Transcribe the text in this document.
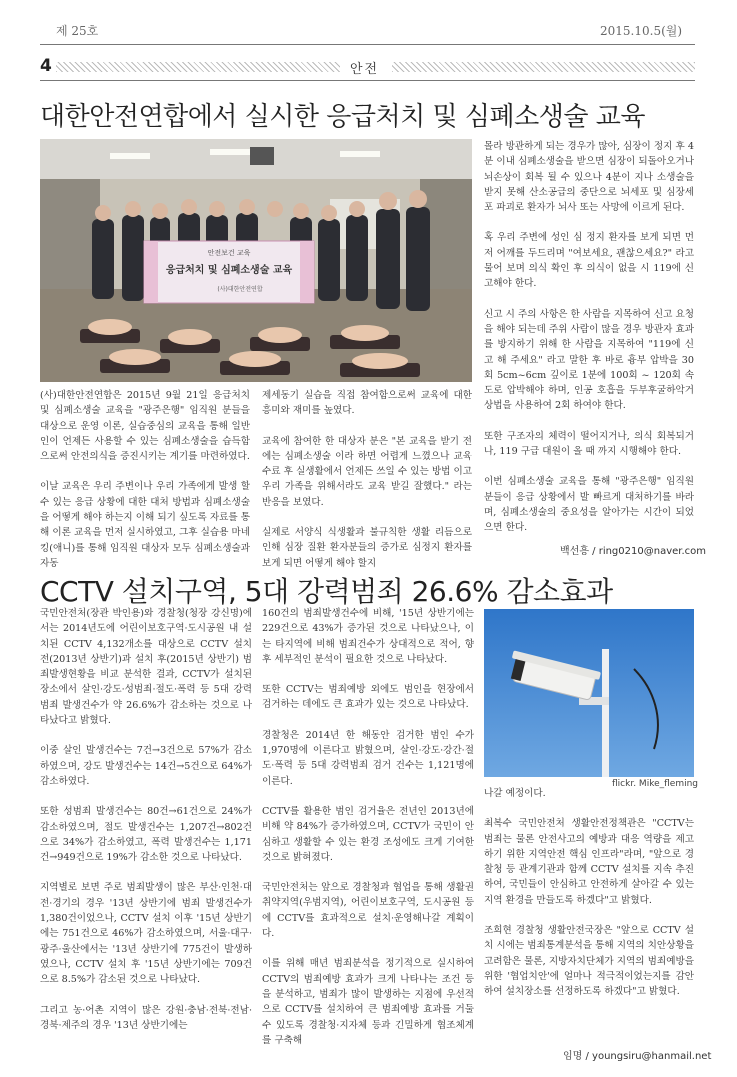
제 25호	2015.10.5(월)
4	안전
대한안전연합에서 실시한 응급처치 및 심폐소생술 교육
안전보건 교육
응급처치 및 심폐소생술 교육
(사)대한안전연합

(사)대한안전연합은 2015년 9월 21일 응급처치 및 심폐소생술 교육을 "광주은행" 임직원 분들을 대상으로 운영 이론, 실습중심의 교육을 통해 일반인이 언제든 사용할 수 있는 심폐소생술을 습득함으로써 안전의식을 증진시키는 계기를 마련하였다.

이날 교육은 우리 주변이나 우리 가족에게 발생 할 수 있는 응급 상황에 대한 대처 방법과 심폐소생술을 어떻게 해야 하는지 이해 되기 싶도록 자료를 통해 이론 교육을 먼저 실시하였고, 그후 실습용 마네킹(애니)를 통해 임직원 대상자 모두 심폐소생술과 자동

제세동기 실습을 직접 참여함으로써 교육에 대한 흥미와 재미를 높였다.

교육에 참여한 한 대상자 분은 "본 교육을 받기 전에는 심폐소생술 이라 하면 어렵게 느꼈으나 교육 수료 후 실생활에서 언제든 쓰일 수 있는 방법 이고 우리 가족을 위해서라도 교육 받길 잘했다." 라는 반응을 보였다.

실제로 서양식 식생활과 불규칙한 생활 리듬으로 인해 심장 질환 환자분들의 증가로 심정지 환자를 보게 되면 어떻게 해야 할지

몰라 방관하게 되는 경우가 많아, 심장이 정지 후 4분 이내 심폐소생술을 받으면 심장이 되돌아오거나 뇌손상이 회복 될 수 있으나 4분이 지나 소생술을 받지 못해 산소공급의 중단으로 뇌세포 및 심장세포 파괴로 환자가 뇌사 또는 사망에 이르게 된다.

혹 우리 주변에 성인 심 정지 환자를 보게 되면 먼저 어깨를 두드리며 "여보세요, 괜찮으세요?" 라고 물어 보며 의식 확인 후 의식이 없을 시 119에 신고해야 한다.

신고 시 주의 사항은 한 사람을 지목하여 신고 요청을 해야 되는데 주위 사람이 많을 경우 방관자 효과를 방지하기 위해 한 사람을 지목하여 "119에 신고 해 주세요" 라고 말한 후 바로 흉부 압박을 30회 5cm~6cm 깊이로 1분에 100회 ~ 120회 속도로 압박해야 하며, 인공 호흡을 두부후굴하악거상법을 사용하여 2회 하여야 한다.

또한 구조자의 체력이 떨어지거나, 의식 회복되거나, 119 구급 대원이 올 때 까지 시행해야 한다.

이번 심폐소생술 교육을 통해 "광주은행" 임직원 분들이 응급 상황에서 발 빠르게 대처하기를 바라며, 심폐소생술의 중요성을 알아가는 시간이 되었으면 한다.

백선흥 / ring0210@naver.com
CCTV 설치구역, 5대 강력범죄 26.6% 감소효과

국민안전처(장관 박인용)와 경찰청(청장 강신명)에서는 2014년도에 어린이보호구역·도시공원 내 설치된 CCTV 4,132개소를 대상으로 CCTV 설치 전(2013년 상반기)과 설치 후(2015년 상반기) 범죄발생현황을 비교 분석한 결과, CCTV가 설치된 장소에서 살인·강도·성범죄·절도·폭력 등 5대 강력범죄 발생건수가 약 26.6%가 감소하는 것으로 나타났다고 밝혔다.

이중 살인 발생건수는 7건→3건으로 57%가 감소하였으며, 강도 발생건수는 14건→5건으로 64%가 감소하였다.

또한 성범죄 발생건수는 80건→61건으로 24%가 감소하였으며, 절도 발생건수는 1,207건→802건으로 34%가 감소하였고, 폭력 발생건수는 1,171건→949건으로 19%가 감소한 것으로 나타났다.

지역별로 보면 주로 범죄발생이 많은 부산·인천·대전·경기의 경우 '13년 상반기에 범죄 발생건수가 1,380건이었으나, CCTV 설치 이후 '15년 상반기에는 751건으로 46%가 감소하였으며, 서울·대구·광주·울산에서는 '13년 상반기에 775건이 발생하였으나, CCTV 설치 후 '15년 상반기에는 709건으로 8.5%가 감소된 것으로 나타났다.

그리고 농·어촌 지역이 많은 강원·충남·전북·전남·경북·제주의 경우 '13년 상반기에는

160건의 범죄발생건수에 비해, '15년 상반기에는 229건으로 43%가 증가된 것으로 나타났으나, 이는 타지역에 비해 범죄건수가 상대적으로 적어, 향후 세부적인 분석이 필요한 것으로 나타났다.

또한 CCTV는 범죄예방 외에도 범인을 현장에서 검거하는 데에도 큰 효과가 있는 것으로 나타났다.

경찰청은 2014년 한 해동안 검거한 범인 수가 1,970명에 이른다고 밝혔으며, 살인·강도·강간·절도·폭력 등 5대 강력범죄 검거 건수는 1,121명에 이른다.

CCTV를 활용한 범인 검거율은 전년인 2013년에 비해 약 84%가 증가하였으며, CCTV가 국민이 안심하고 생활할 수 있는 환경 조성에도 크게 기여한 것으로 밝혀졌다.

국민안전처는 앞으로 경찰청과 협업을 통해 생활권 취약지역(우범지역), 어린이보호구역, 도시공원 등에 CCTV를 효과적으로 설치·운영해나갈 계획이다.

이를 위해 매년 범죄분석을 정기적으로 실시하여 CCTV의 범죄예방 효과가 크게 나타나는 조건 등을 분석하고, 범죄가 많이 발생하는 지점에 우선적으로 CCTV를 설치하여 큰 범죄예방 효과를 거둘 수 있도록 경찰청·지자체 등과 긴밀하게 협조체계를 구축해

flickr. Mike_fleming

나갈 예정이다.

최복수 국민안전처 생활안전정책관은 "CCTV는 범죄는 물론 안전사고의 예방과 대응 역량을 제고하기 위한 지역안전 핵심 인프라"라며, "앞으로 경찰청 등 관계기관과 함께 CCTV 설치를 지속 추진하여, 국민들이 안심하고 안전하게 살아갈 수 있는 지역 환경을 만들도록 하겠다"고 밝혔다.

조희현 경찰청 생활안전국장은 "앞으로 CCTV 설치 시에는 범죄통계분석을 통해 지역의 치안상황을 고려함은 물론, 지방자치단체가 지역의 범죄예방을 위한 '협업치안'에 얼마나 적극적이었는지를 감안하여 설치장소를 선정하도록 하겠다"고 밝혔다.

임명 / youngsiru@hanmail.net
